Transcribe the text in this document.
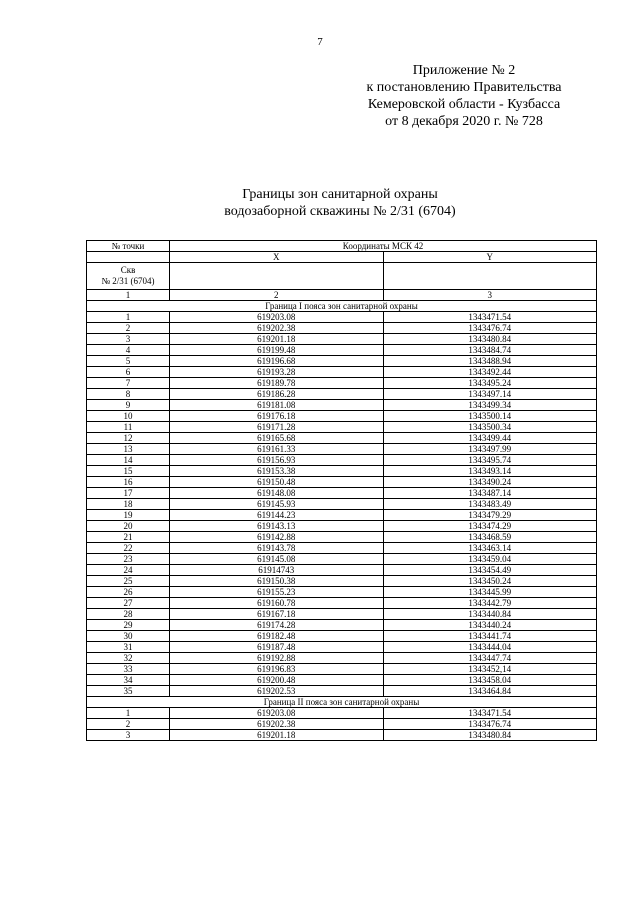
7
Приложение № 2
к постановлению Правительства
Кемеровской области - Кузбасса
от 8 декабря 2020 г. № 728
Границы зон санитарной охраны
водозаборной скважины № 2/31 (6704)
№ точки	Координаты МСК 42	
	X	Y

Скв
№ 2/31 (6704)		

1	2	3
Граница I пояса зон санитарной охраны		
1	619203.08	1343471.54
2	619202.38	1343476.74
3	619201.18	1343480.84
4	619199.48	1343484.74
5	619196.68	1343488.94
6	619193.28	1343492.44
7	619189.78	1343495.24
8	619186.28	1343497.14
9	619181.08	1343499.34
10	619176.18	1343500.14
11	619171.28	1343500.34
12	619165.68	1343499.44
13	619161.33	1343497.99
14	619156.93	1343495.74
15	619153.38	1343493.14
16	619150.48	1343490.24
17	619148.08	1343487.14
18	619145.93	1343483.49
19	619144.23	1343479.29
20	619143.13	1343474.29
21	619142.88	1343468.59
22	619143.78	1343463.14
23	619145.08	1343459.04
24	61914743	1343454.49
25	619150.38	1343450.24
26	619155.23	1343445.99
27	619160.78	1343442.79
28	619167.18	1343440.84
29	619174.28	1343440.24
30	619182.48	1343441.74
31	619187.48	1343444.04
32	619192.88	1343447.74
33	619196.83	1343452,14
34	619200.48	1343458.04
35	619202.53	1343464.84
Граница II пояса зон санитарной охраны		
1	619203.08	1343471.54
2	619202.38	1343476.74
3	619201.18	1343480.84
